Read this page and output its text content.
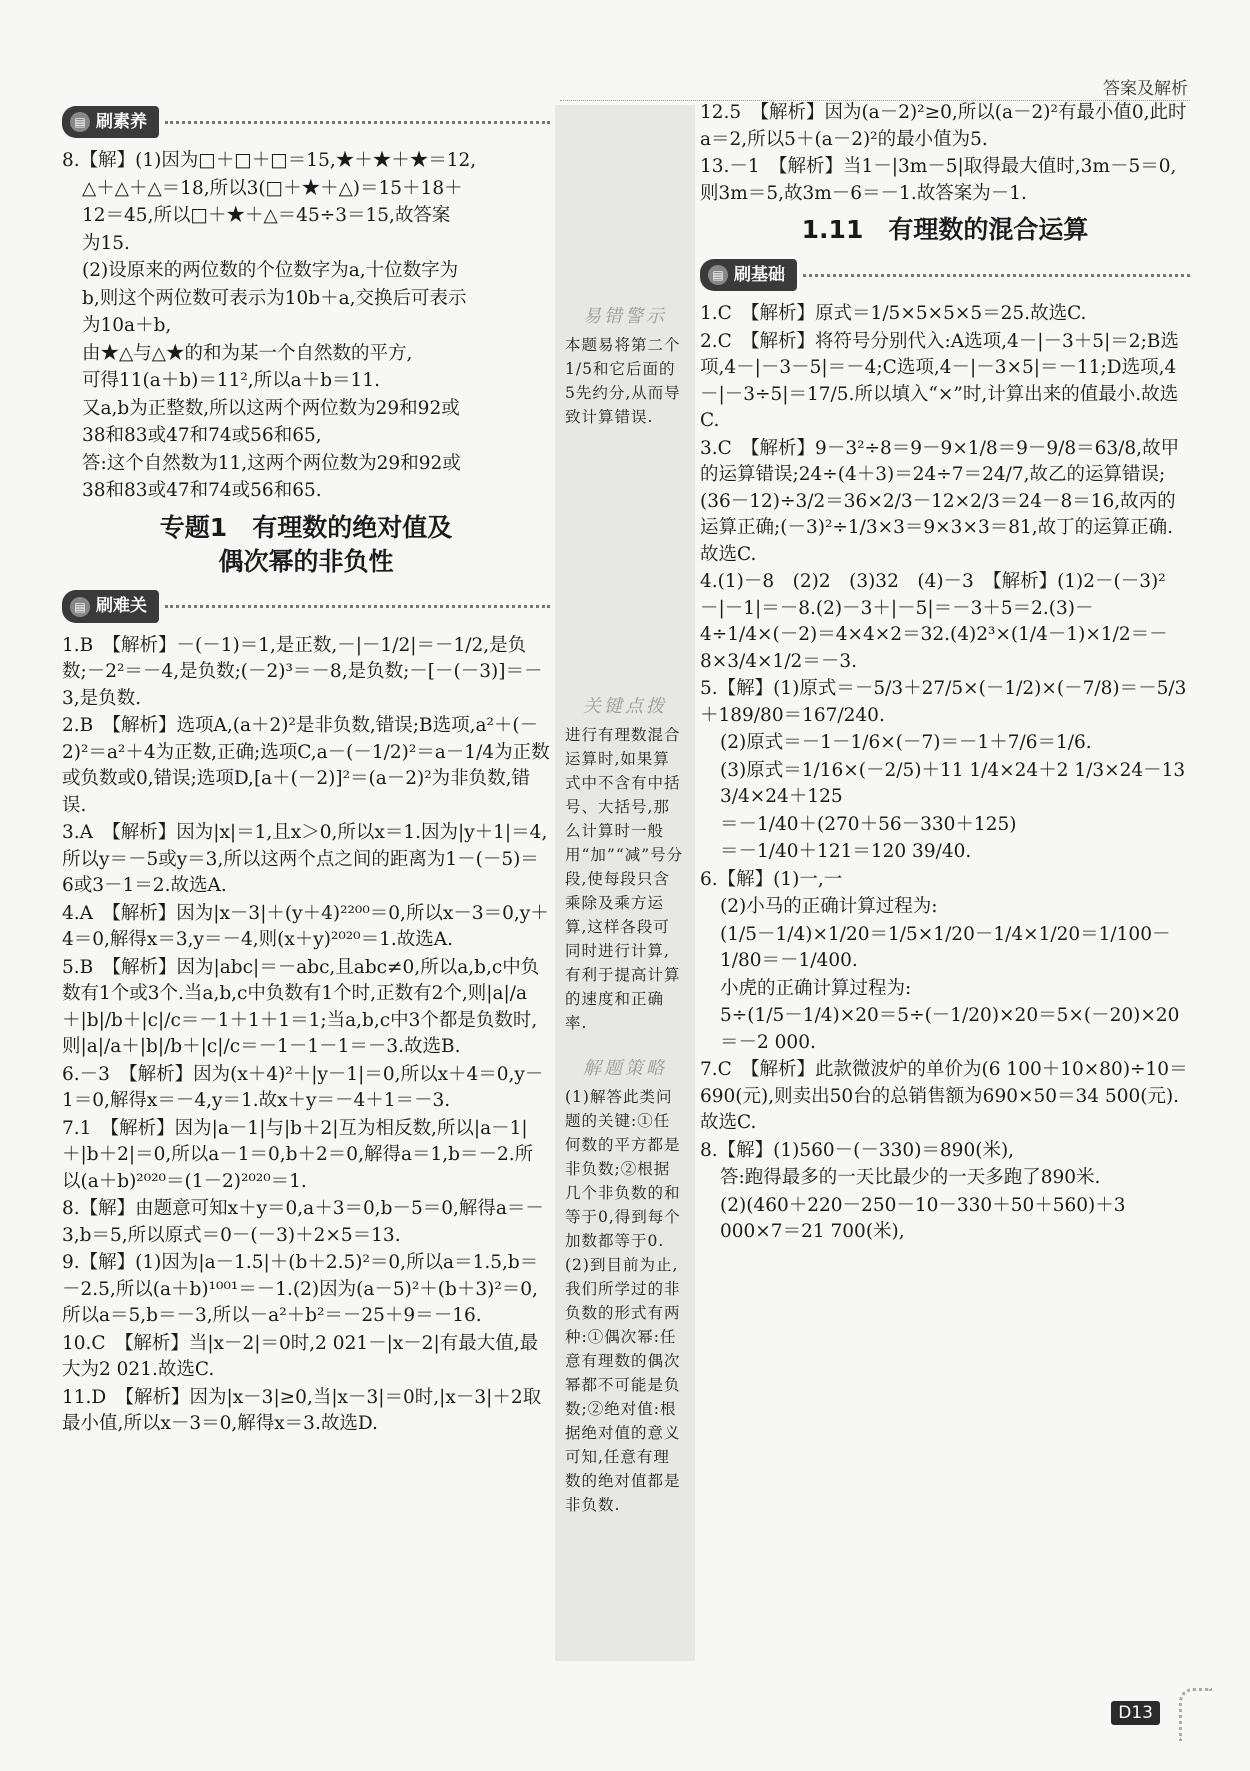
答案及解析
▤ 刷素养
8.【解】(1)因为□＋□＋□＝15,★＋★＋★＝12,
△＋△＋△＝18,所以3(□＋★＋△)＝15＋18＋
12＝45,所以□＋★＋△＝45÷3＝15,故答案
为15.
(2)设原来的两位数的个位数字为a,十位数字为
b,则这个两位数可表示为10b＋a,交换后可表示
为10a＋b,
由★△与△★的和为某一个自然数的平方,
可得11(a＋b)＝11²,所以a＋b＝11.
又a,b为正整数,所以这两个两位数为29和92或
38和83或47和74或56和65,
答:这个自然数为11,这两个两位数为29和92或
38和83或47和74或56和65.
专题1　有理数的绝对值及
偶次幂的非负性
▤ 刷难关
1.B　【解析】－(－1)＝1,是正数,－|－1/2|＝－1/2,是负数;－2²＝－4,是负数;(－2)³＝－8,是负数;－[－(－3)]＝－3,是负数.
2.B　【解析】选项A,(a＋2)²是非负数,错误;B选项,a²＋(－2)²＝a²＋4为正数,正确;选项C,a－(－1/2)²＝a－1/4为正数或负数或0,错误;选项D,[a＋(－2)]²＝(a－2)²为非负数,错误.
3.A　【解析】因为|x|＝1,且x＞0,所以x＝1.因为|y＋1|＝4,所以y＝－5或y＝3,所以这两个点之间的距离为1－(－5)＝6或3－1＝2.故选A.
4.A　【解析】因为|x－3|＋(y＋4)²²⁰⁰＝0,所以x－3＝0,y＋4＝0,解得x＝3,y＝－4,则(x＋y)²⁰²⁰＝1.故选A.
5.B　【解析】因为|abc|＝－abc,且abc≠0,所以a,b,c中负数有1个或3个.当a,b,c中负数有1个时,正数有2个,则|a|/a＋|b|/b＋|c|/c＝－1＋1＋1＝1;当a,b,c中3个都是负数时,则|a|/a＋|b|/b＋|c|/c＝－1－1－1＝－3.故选B.
6.－3　【解析】因为(x＋4)²＋|y－1|＝0,所以x＋4＝0,y－1＝0,解得x＝－4,y＝1.故x＋y＝－4＋1＝－3.
7.1　【解析】因为|a－1|与|b＋2|互为相反数,所以|a－1|＋|b＋2|＝0,所以a－1＝0,b＋2＝0,解得a＝1,b＝－2.所以(a＋b)²⁰²⁰＝(1－2)²⁰²⁰＝1.
8.【解】由题意可知x＋y＝0,a＋3＝0,b－5＝0,解得a＝－3,b＝5,所以原式＝0－(－3)＋2×5＝13.
9.【解】(1)因为|a－1.5|＋(b＋2.5)²＝0,所以a＝1.5,b＝－2.5,所以(a＋b)¹⁰⁰¹＝－1.(2)因为(a－5)²＋(b＋3)²＝0,所以a＝5,b＝－3,所以－a²＋b²＝－25＋9＝－16.
10.C　【解析】当|x－2|＝0时,2 021－|x－2|有最大值,最大为2 021.故选C.
11.D　【解析】因为|x－3|≥0,当|x－3|＝0时,|x－3|＋2取最小值,所以x－3＝0,解得x＝3.故选D.
易错警示
本题易将第二个1/5和它后面的5先约分,从而导致计算错误.
关键点拨
进行有理数混合运算时,如果算式中不含有中括号、大括号,那么计算时一般用“加”“减”号分段,使每段只含乘除及乘方运算,这样各段可同时进行计算,有利于提高计算的速度和正确率.
解题策略
(1)解答此类问题的关键:①任何数的平方都是非负数;②根据几个非负数的和等于0,得到每个加数都等于0.(2)到目前为止,我们所学过的非负数的形式有两种:①偶次幂:任意有理数的偶次幂都不可能是负数;②绝对值:根据绝对值的意义可知,任意有理数的绝对值都是非负数.
12.5　【解析】因为(a－2)²≥0,所以(a－2)²有最小值0,此时a＝2,所以5＋(a－2)²的最小值为5.
13.－1　【解析】当1－|3m－5|取得最大值时,3m－5＝0,则3m＝5,故3m－6＝－1.故答案为－1.
1.11　有理数的混合运算
▤ 刷基础
1.C　【解析】原式＝1/5×5×5×5＝25.故选C.
2.C　【解析】将符号分别代入:A选项,4－|－3＋5|＝2;B选项,4－|－3－5|＝－4;C选项,4－|－3×5|＝－11;D选项,4－|－3÷5|＝17/5.所以填入“×”时,计算出来的值最小.故选C.
3.C　【解析】9－3²÷8＝9－9×1/8＝9－9/8＝63/8,故甲的运算错误;24÷(4＋3)＝24÷7＝24/7,故乙的运算错误;(36－12)÷3/2＝36×2/3－12×2/3＝24－8＝16,故丙的运算正确;(－3)²÷1/3×3＝9×3×3＝81,故丁的运算正确.故选C.
4.(1)－8　(2)2　(3)32　(4)－3　【解析】(1)2－(－3)²－|－1|＝－8.(2)－3＋|－5|＝－3＋5＝2.(3)－4÷1/4×(－2)＝4×4×2＝32.(4)2³×(1/4－1)×1/2＝－8×3/4×1/2＝－3.
5.【解】(1)原式＝－5/3＋27/5×(－1/2)×(－7/8)＝－5/3＋189/80＝167/240.
(2)原式＝－1－1/6×(－7)＝－1＋7/6＝1/6.
(3)原式＝1/16×(－2/5)＋11 1/4×24＋2 1/3×24－13 3/4×24＋125
＝－1/40＋(270＋56－330＋125)
＝－1/40＋121＝120 39/40.
6.【解】(1)一,一
(2)小马的正确计算过程为:
(1/5－1/4)×1/20＝1/5×1/20－1/4×1/20＝1/100－1/80＝－1/400.
小虎的正确计算过程为:
5÷(1/5－1/4)×20＝5÷(－1/20)×20＝5×(－20)×20＝－2 000.
7.C　【解析】此款微波炉的单价为(6 100＋10×80)÷10＝690(元),则卖出50台的总销售额为690×50＝34 500(元).故选C.
8.【解】(1)560－(－330)＝890(米),
答:跑得最多的一天比最少的一天多跑了890米.
(2)(460＋220－250－10－330＋50＋560)＋3 000×7＝21 700(米),
D13
